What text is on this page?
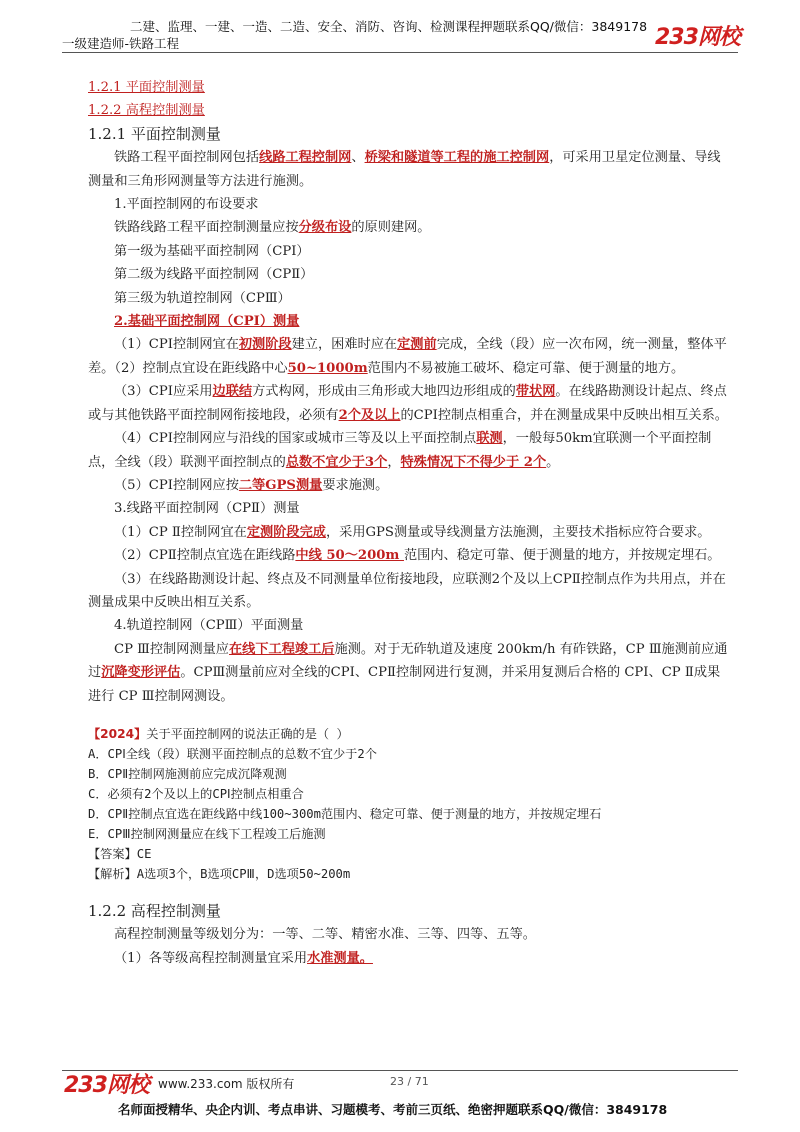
二建、监理、一建、一造、二造、安全、消防、咨询、检测课程押题联系QQ/微信：3849178
一级建造师-铁路工程	233网校

1.2.1 平面控制测量

1.2.2 高程控制测量

1.2.1 平面控制测量

铁路工程平面控制网包括线路工程控制网、桥梁和隧道等工程的施工控制网，可采用卫星定位测量、导线测量和三角形网测量等方法进行施测。

1.平面控制网的布设要求

铁路线路工程平面控制测量应按分级布设的原则建网。

第一级为基础平面控制网（CPⅠ）

第二级为线路平面控制网（CPⅡ）

第三级为轨道控制网（CPⅢ）

2.基础平面控制网（CPⅠ）测量

（1）CPⅠ控制网宜在初测阶段建立，困难时应在定测前完成，全线（段）应一次布网，统一测量，整体平差。（2）控制点宜设在距线路中心50~1000m范围内不易被施工破坏、稳定可靠、便于测量的地方。

（3）CPⅠ应采用边联结方式构网，形成由三角形或大地四边形组成的带状网。在线路勘测设计起点、终点或与其他铁路平面控制网衔接地段，必须有2个及以上的CPⅠ控制点相重合，并在测量成果中反映出相互关系。

（4）CPⅠ控制网应与沿线的国家或城市三等及以上平面控制点联测，一般每50km宜联测一个平面控制点，全线（段）联测平面控制点的总数不宜少于3个，特殊情况下不得少于 2个。

（5）CPⅠ控制网应按二等GPS测量要求施测。

3.线路平面控制网（CPⅡ）测量

（1）CP Ⅱ控制网宜在定测阶段完成，采用GPS测量或导线测量方法施测，主要技术指标应符合要求。

（2）CPⅡ控制点宜选在距线路中线 50～200m 范围内、稳定可靠、便于测量的地方，并按规定埋石。

（3）在线路勘测设计起、终点及不同测量单位衔接地段，应联测2个及以上CPⅡ控制点作为共用点，并在测量成果中反映出相互关系。

4.轨道控制网（CPⅢ）平面测量

CP Ⅲ控制网测量应在线下工程竣工后施测。对于无砟轨道及速度 200km/h 有砟铁路，CP Ⅲ施测前应通过沉降变形评估。CPⅢ测量前应对全线的CPⅠ、CPⅡ控制网进行复测，并采用复测后合格的 CPⅠ、CP Ⅱ成果进行 CP Ⅲ控制网测设。

【2024】关于平面控制网的说法正确的是（ ）
A．CPⅠ全线（段）联测平面控制点的总数不宜少于2个
B．CPⅡ控制网施测前应完成沉降观测
C．必须有2个及以上的CPⅠ控制点相重合
D．CPⅡ控制点宜选在距线路中线100~300m范围内、稳定可靠、便于测量的地方，并按规定埋石
E．CPⅢ控制网测量应在线下工程竣工后施测
【答案】CE
【解析】A选项3个，B选项CPⅢ，D选项50~200m

1.2.2 高程控制测量

高程控制测量等级划分为：一等、二等、精密水准、三等、四等、五等。

（1）各等级高程控制测量宜采用水准测量。

233网校 www.233.com 版权所有	23 / 71
名师面授精华、央企内训、考点串讲、习题模考、考前三页纸、绝密押题联系QQ/微信：3849178
